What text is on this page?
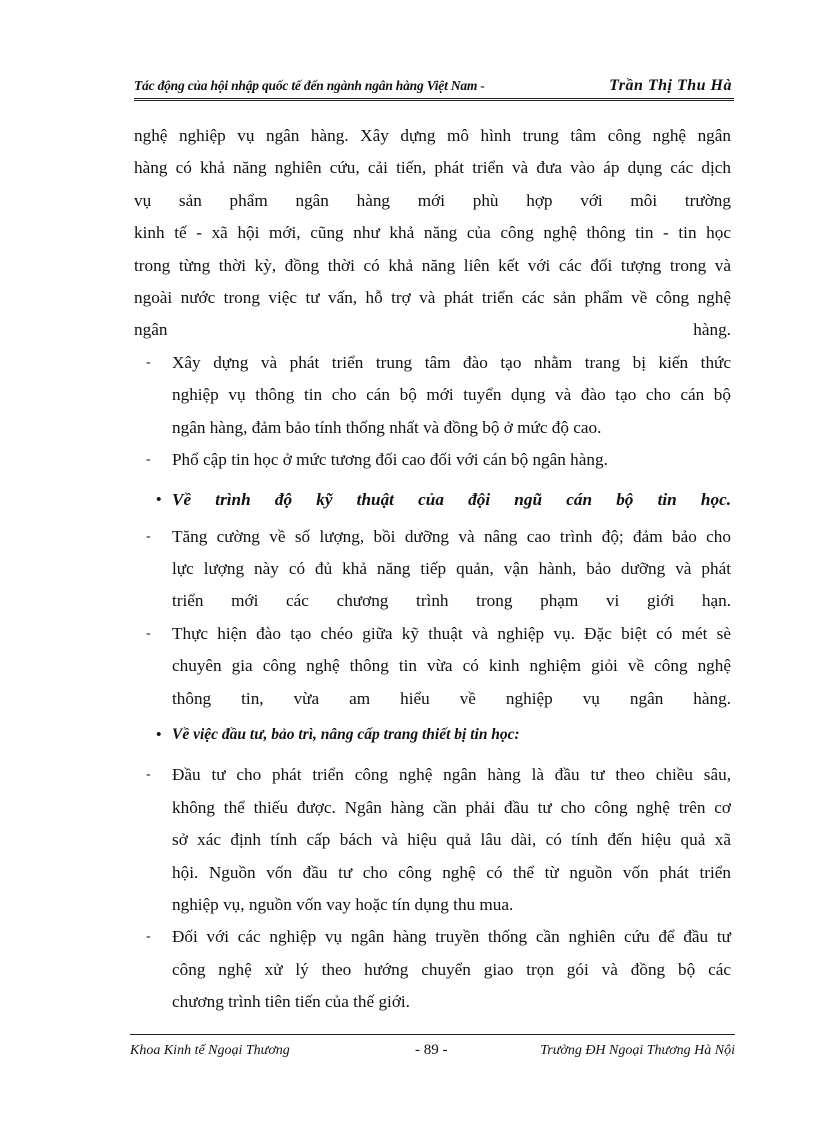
Tác động của hội nhập quốc tế đến ngành ngân hàng Việt Nam -	Trần Thị Thu Hà
nghệ nghiệp vụ ngân hàng. Xây dựng mô hình trung tâm công nghệ ngân
hàng có khả năng nghiên cứu, cải tiến, phát triển và đưa vào áp dụng các dịch
vụ sản phẩm ngân hàng mới phù hợp với môi trường
kinh tế - xã hội mới, cũng như khả năng của công nghệ thông tin - tin học
trong từng thời kỳ, đồng thời có khả năng liên kết với các đối tượng trong và
ngoài nước trong việc tư vấn, hỗ trợ và phát triển các sản phẩm về công nghệ
ngân	hàng.
- Xây dựng và phát triển trung tâm đào tạo nhằm trang bị kiến thức
nghiệp vụ thông tin cho cán bộ mới tuyển dụng và đào tạo cho cán bộ
ngân hàng, đảm bảo tính thống nhất và đồng bộ ở mức độ cao.
- Phổ cập tin học ở mức tương đối cao đối với cán bộ ngân hàng.
• Về trình độ kỹ thuật của đội ngũ cán bộ tin học.
- Tăng cường về số lượng, bồi dưỡng và nâng cao trình độ; đảm bảo cho
lực lượng này có đủ khả năng tiếp quản, vận hành, bảo dưỡng và phát
triển mới các chương trình trong phạm vi giới hạn.
- Thực hiện đào tạo chéo giữa kỹ thuật và nghiệp vụ. Đặc biệt có mét sè
chuyên gia công nghệ thông tin vừa có kinh nghiệm giỏi về công nghệ
thông tin, vừa am hiểu về nghiệp vụ ngân hàng.
• Về việc đầu tư, bảo trì, nâng cấp trang thiết bị tin học:
- Đầu tư cho phát triển công nghệ ngân hàng là đầu tư theo chiều sâu,
không thể thiếu được. Ngân hàng cần phải đầu tư cho công nghệ trên cơ
sở xác định tính cấp bách và hiệu quả lâu dài, có tính đến hiệu quả xã
hội. Nguồn vốn đầu tư cho công nghệ có thể từ nguồn vốn phát triển
nghiệp vụ, nguồn vốn vay hoặc tín dụng thu mua.
- Đối với các nghiệp vụ ngân hàng truyền thống cần nghiên cứu để đầu tư
công nghệ xử lý theo hướng chuyển giao trọn gói và đồng bộ các
chương trình tiên tiến của thế giới.
Khoa Kinh tế Ngoại Thương	- 89 -	Trường ĐH Ngoại Thương Hà Nội
